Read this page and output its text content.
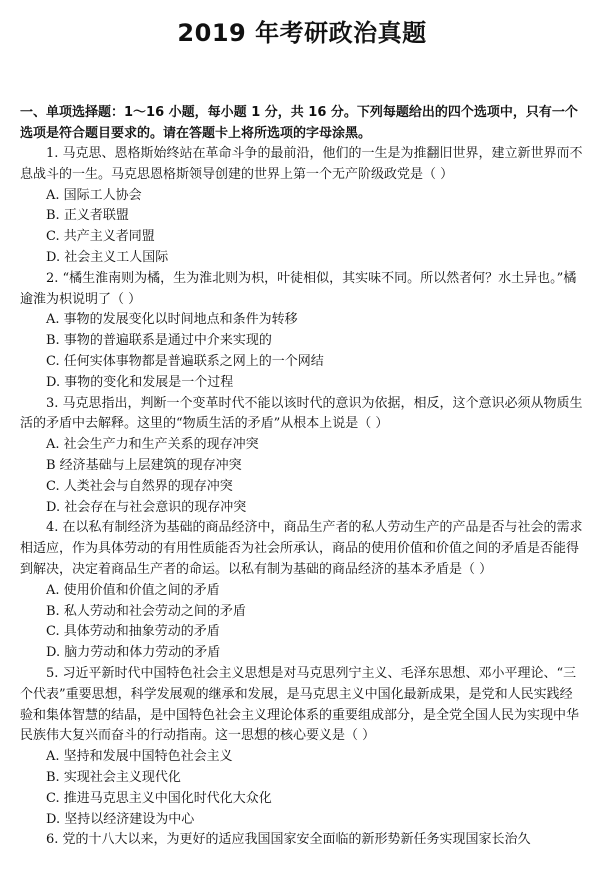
2019 年考研政治真题
一、单项选择题：1～16 小题，每小题 1 分，共 16 分。下列每题给出的四个选项中，只有一个选项是符合题目要求的。请在答题卡上将所选项的字母涂黑。

1. 马克思、恩格斯始终站在革命斗争的最前沿，他们的一生是为推翻旧世界，建立新世界而不息战斗的一生。马克思恩格斯领导创建的世界上第一个无产阶级政党是（ ）

A. 国际工人协会

B. 正义者联盟

C. 共产主义者同盟

D. 社会主义工人国际

2. “橘生淮南则为橘，生为淮北则为枳，叶徒相似，其实味不同。所以然者何？水土异也。”橘逾淮为枳说明了（ ）

A. 事物的发展变化以时间地点和条件为转移

B. 事物的普遍联系是通过中介来实现的

C. 任何实体事物都是普遍联系之网上的一个网结

D. 事物的变化和发展是一个过程

3. 马克思指出，判断一个变革时代不能以该时代的意识为依据，相反，这个意识必须从物质生活的矛盾中去解释。这里的“物质生活的矛盾”从根本上说是（ ）

A. 社会生产力和生产关系的现存冲突

B 经济基础与上层建筑的现存冲突

C. 人类社会与自然界的现存冲突

D. 社会存在与社会意识的现存冲突

4. 在以私有制经济为基础的商品经济中，商品生产者的私人劳动生产的产品是否与社会的需求相适应，作为具体劳动的有用性质能否为社会所承认，商品的使用价值和价值之间的矛盾是否能得到解决，决定着商品生产者的命运。以私有制为基础的商品经济的基本矛盾是（ ）

A. 使用价值和价值之间的矛盾

B. 私人劳动和社会劳动之间的矛盾

C. 具体劳动和抽象劳动的矛盾

D. 脑力劳动和体力劳动的矛盾

5. 习近平新时代中国特色社会主义思想是对马克思列宁主义、毛泽东思想、邓小平理论、“三个代表”重要思想，科学发展观的继承和发展，是马克思主义中国化最新成果，是党和人民实践经验和集体智慧的结晶，是中国特色社会主义理论体系的重要组成部分，是全党全国人民为实现中华民族伟大复兴而奋斗的行动指南。这一思想的核心要义是（ ）

A. 坚持和发展中国特色社会主义

B. 实现社会主义现代化

C. 推进马克思主义中国化时代化大众化

D. 坚持以经济建设为中心

6. 党的十八大以来，为更好的适应我国国家安全面临的新形势新任务实现国家长治久
